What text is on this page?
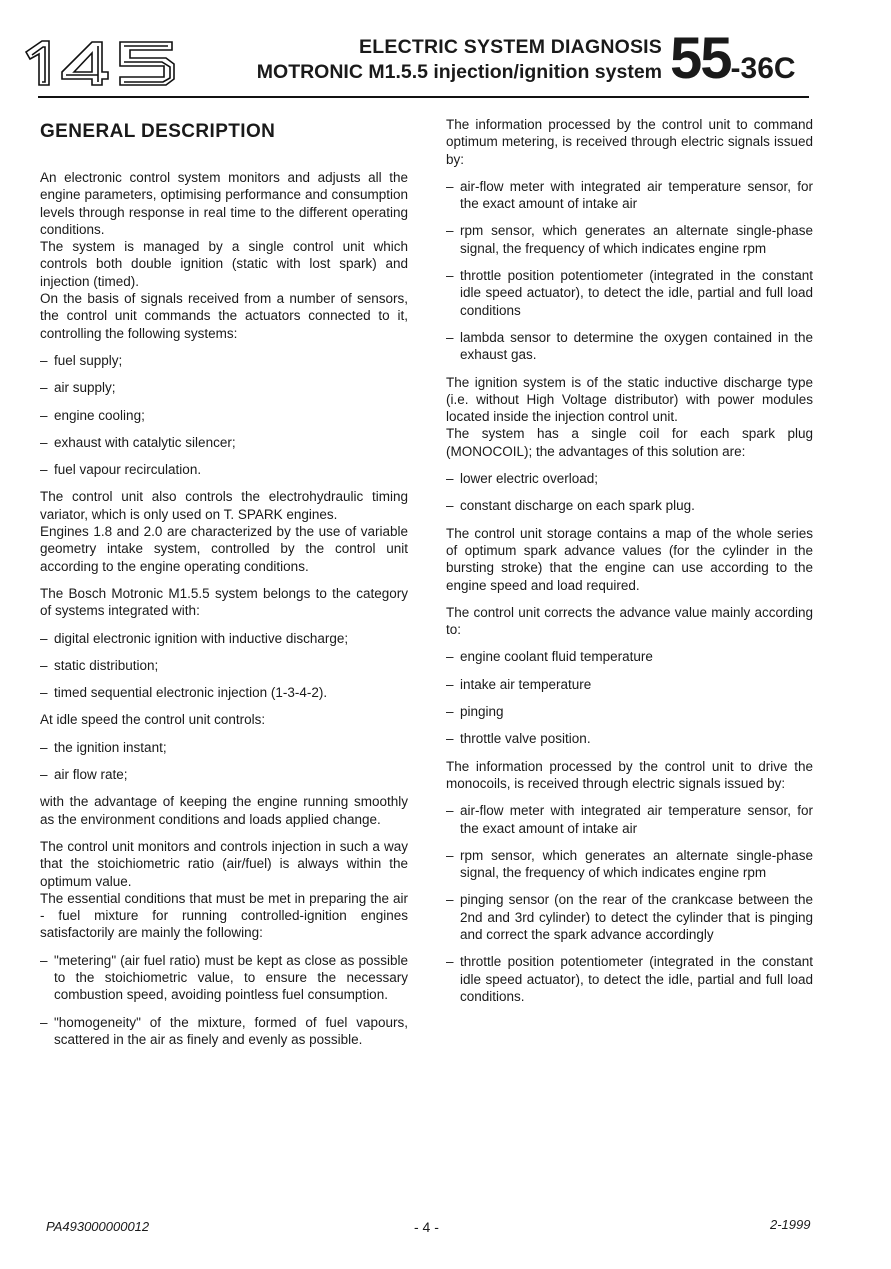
145	ELECTRIC SYSTEM DIAGNOSIS
MOTRONIC M1.5.5 injection/ignition system 55-36C
GENERAL DESCRIPTION

An electronic control system monitors and adjusts all the engine parameters, optimising performance and consumption levels through response in real time to the different operating conditions.

The system is managed by a single control unit which controls both double ignition (static with lost spark) and injection (timed).

On the basis of signals received from a number of sensors, the control unit commands the actuators connected to it, controlling the following systems:

– fuel supply;
– air supply;
– engine cooling;
– exhaust with catalytic silencer;
– fuel vapour recirculation.

The control unit also controls the electrohydraulic timing variator, which is only used on T. SPARK engines.

Engines 1.8 and 2.0 are characterized by the use of variable geometry intake system, controlled by the control unit according to the engine operating conditions.

The Bosch Motronic M1.5.5 system belongs to the category of systems integrated with:

– digital electronic ignition with inductive discharge;
– static distribution;
– timed sequential electronic injection (1-3-4-2).

At idle speed the control unit controls:

– the ignition instant;
– air flow rate;

with the advantage of keeping the engine running smoothly as the environment conditions and loads applied change.

The control unit monitors and controls injection in such a way that the stoichiometric ratio (air/fuel) is always within the optimum value.

The essential conditions that must be met in preparing the air - fuel mixture for running controlled-ignition engines satisfactorily are mainly the following:

– "metering" (air fuel ratio) must be kept as close as possible to the stoichiometric value, to ensure the necessary combustion speed, avoiding pointless fuel consumption.
– "homogeneity" of the mixture, formed of fuel vapours, scattered in the air as finely and evenly as possible.

The information processed by the control unit to command optimum metering, is received through electric signals issued by:

– air-flow meter with integrated air temperature sensor, for the exact amount of intake air
– rpm sensor, which generates an alternate single-phase signal, the frequency of which indicates engine rpm
– throttle position potentiometer (integrated in the constant idle speed actuator), to detect the idle, partial and full load conditions
– lambda sensor to determine the oxygen contained in the exhaust gas.

The ignition system is of the static inductive discharge type (i.e. without High Voltage distributor) with power modules located inside the injection control unit.

The system has a single coil for each spark plug (MONOCOIL); the advantages of this solution are:

– lower electric overload;
– constant discharge on each spark plug.

The control unit storage contains a map of the whole series of optimum spark advance values (for the cylinder in the bursting stroke) that the engine can use according to the engine speed and load required.

The control unit corrects the advance value mainly according to:

– engine coolant fluid temperature
– intake air temperature
– pinging
– throttle valve position.

The information processed by the control unit to drive the monocoils, is received through electric signals issued by:

– air-flow meter with integrated air temperature sensor, for the exact amount of intake air
– rpm sensor, which generates an alternate single-phase signal, the frequency of which indicates engine rpm
– pinging sensor (on the rear of the crankcase between the 2nd and 3rd cylinder) to detect the cylinder that is pinging and correct the spark advance accordingly
– throttle position potentiometer (integrated in the constant idle speed actuator), to detect the idle, partial and full load conditions.
PA493000000012	- 4 -	2-1999
